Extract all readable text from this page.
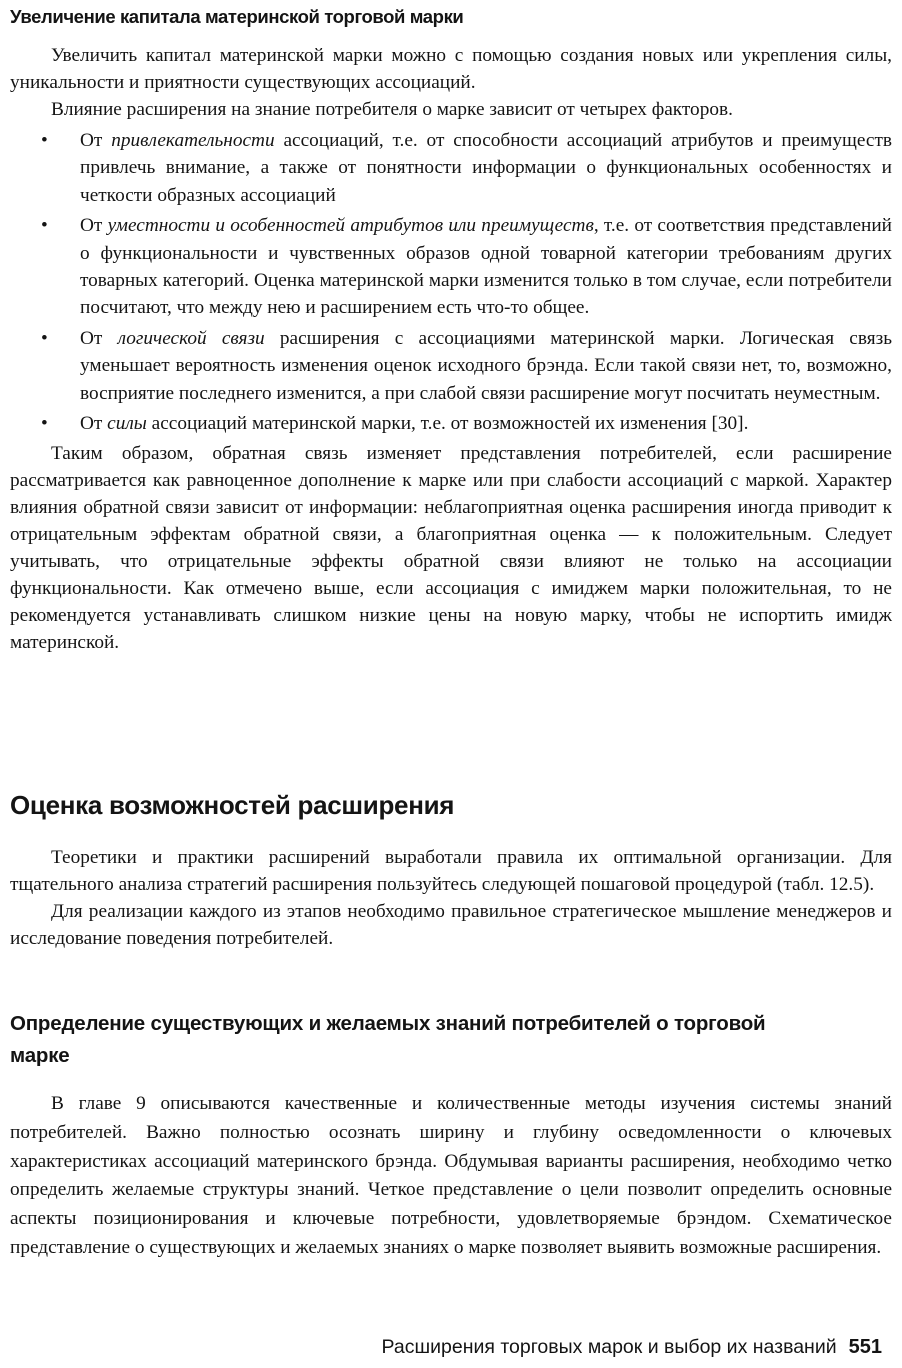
Увеличение капитала материнской торговой марки

Увеличить капитал материнской марки можно с помощью создания новых или укрепления силы, уникальности и приятности существующих ассоциаций.

Влияние расширения на знание потребителя о марке зависит от четырех факторов.

• От привлекательности ассоциаций, т.е. от способности ассоциаций атрибутов и преимуществ привлечь внимание, а также от понятности информации о функциональных особенностях и четкости образных ассоциаций
• От уместности и особенностей атрибутов или преимуществ, т.е. от соответствия представлений о функциональности и чувственных образов одной товарной категории требованиям других товарных категорий. Оценка материнской марки изменится только в том случае, если потребители посчитают, что между нею и расширением есть что-то общее.
• От логической связи расширения с ассоциациями материнской марки. Логическая связь уменьшает вероятность изменения оценок исходного брэнда. Если такой связи нет, то, возможно, восприятие последнего изменится, а при слабой связи расширение могут посчитать неуместным.
• От силы ассоциаций материнской марки, т.е. от возможностей их изменения [30].

Таким образом, обратная связь изменяет представления потребителей, если расширение рассматривается как равноценное дополнение к марке или при слабости ассоциаций с маркой. Характер влияния обратной связи зависит от информации: неблагоприятная оценка расширения иногда приводит к отрицательным эффектам обратной связи, а благоприятная оценка — к положительным. Следует учитывать, что отрицательные эффекты обратной связи влияют не только на ассоциации функциональности. Как отмечено выше, если ассоциация с имиджем марки положительная, то не рекомендуется устанавливать слишком низкие цены на новую марку, чтобы не испортить имидж материнской.

Оценка возможностей расширения

Теоретики и практики расширений выработали правила их оптимальной организации. Для тщательного анализа стратегий расширения пользуйтесь следующей пошаговой процедурой (табл. 12.5).

Для реализации каждого из этапов необходимо правильное стратегическое мышление менеджеров и исследование поведения потребителей.

Определение существующих и желаемых знаний потребителей о торговой марке

В главе 9 описываются качественные и количественные методы изучения системы знаний потребителей. Важно полностью осознать ширину и глубину осведомленности о ключевых характеристиках ассоциаций материнского брэнда. Обдумывая варианты расширения, необходимо четко определить желаемые структуры знаний. Четкое представление о цели позволит определить основные аспекты позиционирования и ключевые потребности, удовлетворяемые брэндом. Схематическое представление о существующих и желаемых знаниях о марке позволяет выявить возможные расширения.

Расширения торговых марок и выбор их названий 551
